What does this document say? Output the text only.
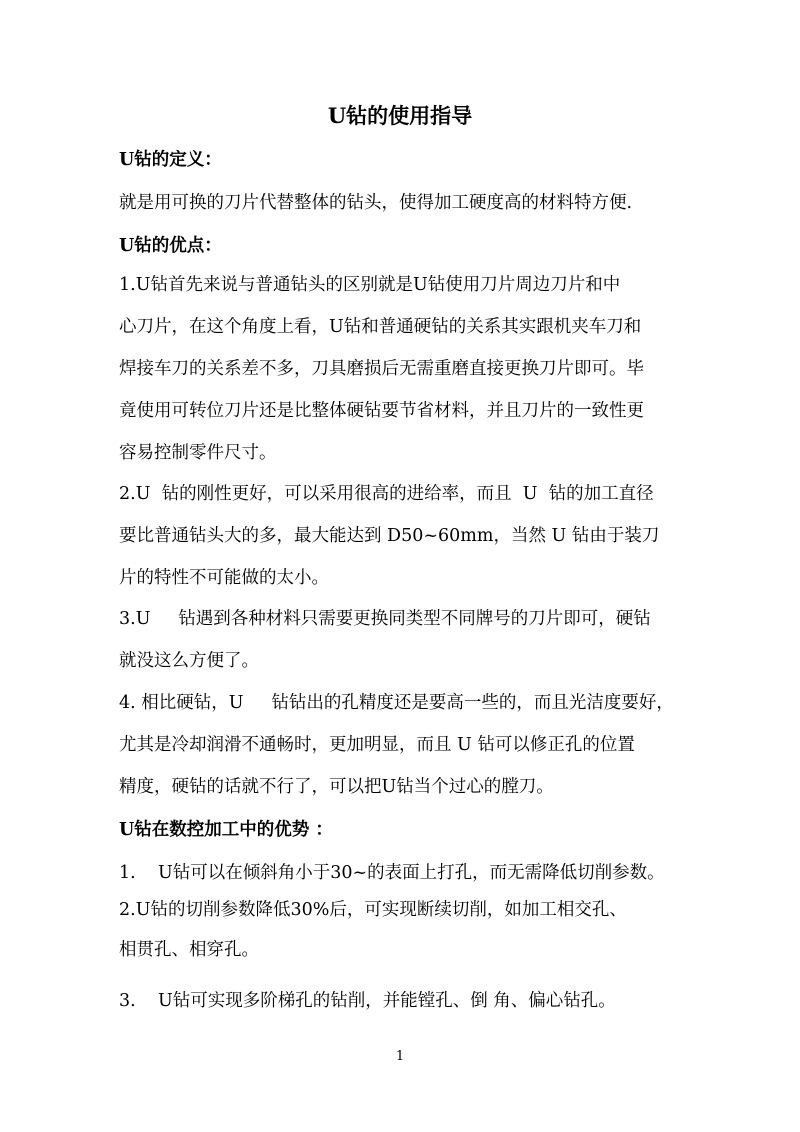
U钻的使用指导
U钻的定义：
就是用可换的刀片代替整体的钻头，使得加工硬度高的材料特方便.
U钻的优点：
1.U钻首先来说与普通钻头的区别就是U钻使用刀片周边刀片和中
心刀片，在这个角度上看，U钻和普通硬钻的关系其实跟机夹车刀和
焊接车刀的关系差不多，刀具磨损后无需重磨直接更换刀片即可。毕
竟使用可转位刀片还是比整体硬钻要节省材料，并且刀片的一致性更
容易控制零件尺寸。
2.U  钻的刚性更好，可以采用很高的进给率，而且  U  钻的加工直径
要比普通钻头大的多，最大能达到 D50~60mm，当然 U 钻由于装刀
片的特性不可能做的太小。
3.U     钻遇到各种材料只需要更换同类型不同牌号的刀片即可，硬钻
就没这么方便了。
4. 相比硬钻，U     钻钻出的孔精度还是要高一些的，而且光洁度要好，
尤其是冷却润滑不通畅时，更加明显，而且 U 钻可以修正孔的位置
精度，硬钻的话就不行了，可以把U钻当个过心的膛刀。
U钻在数控加工中的优势 ：
1.    U钻可以在倾斜角小于30~的表面上打孔，而无需降低切削参数。
2.U钻的切削参数降低30%后，可实现断续切削，如加工相交孔、
相贯孔、相穿孔。
3.    U钻可实现多阶梯孔的钻削，并能镗孔、倒 角、偏心钻孔。
1
